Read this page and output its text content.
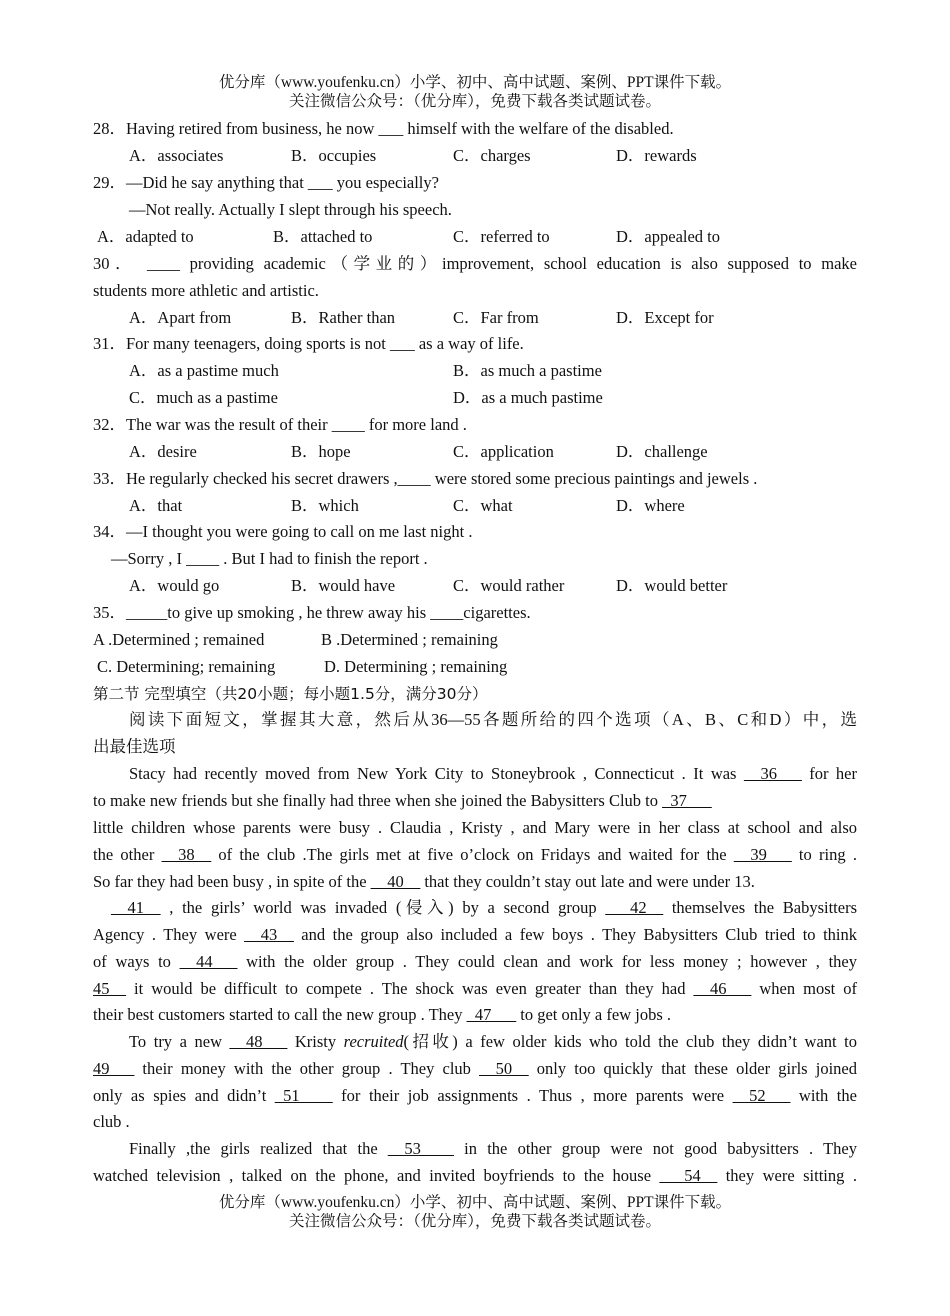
优分库（www.youfenku.cn）小学、初中、高中试题、案例、PPT课件下载。
关注微信公众号：（优分库），免费下载各类试题试卷。
28．Having retired from business, he now ___ himself with the welfare of the disabled.
A．associates	B．occupies	C．charges	D．rewards
29．—Did he say anything that ___ you especially?
—Not really. Actually I slept through his speech.
A．adapted to	B．attached to	C．referred to	D．appealed to
30． ____ providing academic（学业的）improvement, school education is also supposed to make
students more athletic and artistic.
A．Apart from	B．Rather than	C．Far from	D．Except for
31．For many teenagers, doing sports is not ___ as a way of life.
A．as a pastime much	B．as much a pastime
C．much as a pastime	D．as a much pastime
32．The war was the result of their ____ for more land .
A．desire	B．hope	C．application	D．challenge
33．He regularly checked his secret drawers ,____ were stored some precious paintings and jewels .
A．that	B．which	C．what	D．where
34．—I thought you were going to call on me last night .
—Sorry , I ____ . But I had to finish the report .
A．would go	B．would have	C．would rather	D．would better
35．_____to give up smoking , he threw away his ____cigarettes.
A .Determined ; remained	B .Determined ; remaining
C. Determining; remaining	D. Determining ; remaining
第二节 完型填空（共20小题；每小题1.5分，满分30分）
阅读下面短文，掌握其大意，然后从36—55各题所给的四个选项（A、B、C和D）中，选
出最佳选项
Stacy had recently moved from New York City to Stoneybrook , Connecticut . It was __36___ for her
to make new friends but she finally had three when she joined the Babysitters Club to _37___
little children whose parents were busy . Claudia , Kristy , and Mary were in her class at school and also
the other __38__ of the club .The girls met at five o’clock on Fridays and waited for the __39___ to ring .
So far they had been busy , in spite of the __40__ that they couldn’t stay out late and were under 13.
__41__ , the girls’ world was invaded (侵入) by a second group ___42__ themselves the Babysitters
Agency . They were __43__ and the group also included a few boys . They Babysitters Club tried to think
of ways to __44___ with the older group . They could clean and work for less money ; however , they
45__ it would be difficult to compete . The shock was even greater than they had __46___ when most of
their best customers started to call the new group . They _47___ to get only a few jobs .
To try a new __48___ Kristy recruited(招收) a few older kids who told the club they didn’t want to
49___ their money with the other group . They club __50__ only too quickly that these older girls joined
only as spies and didn’t _51____ for their job assignments . Thus , more parents were __52___ with the
club .
Finally ,the girls realized that the __53____ in the other group were not good babysitters . They
watched television , talked on the phone, and invited boyfriends to the house ___54__ they were sitting .
优分库（www.youfenku.cn）小学、初中、高中试题、案例、PPT课件下载。
关注微信公众号：（优分库），免费下载各类试题试卷。
